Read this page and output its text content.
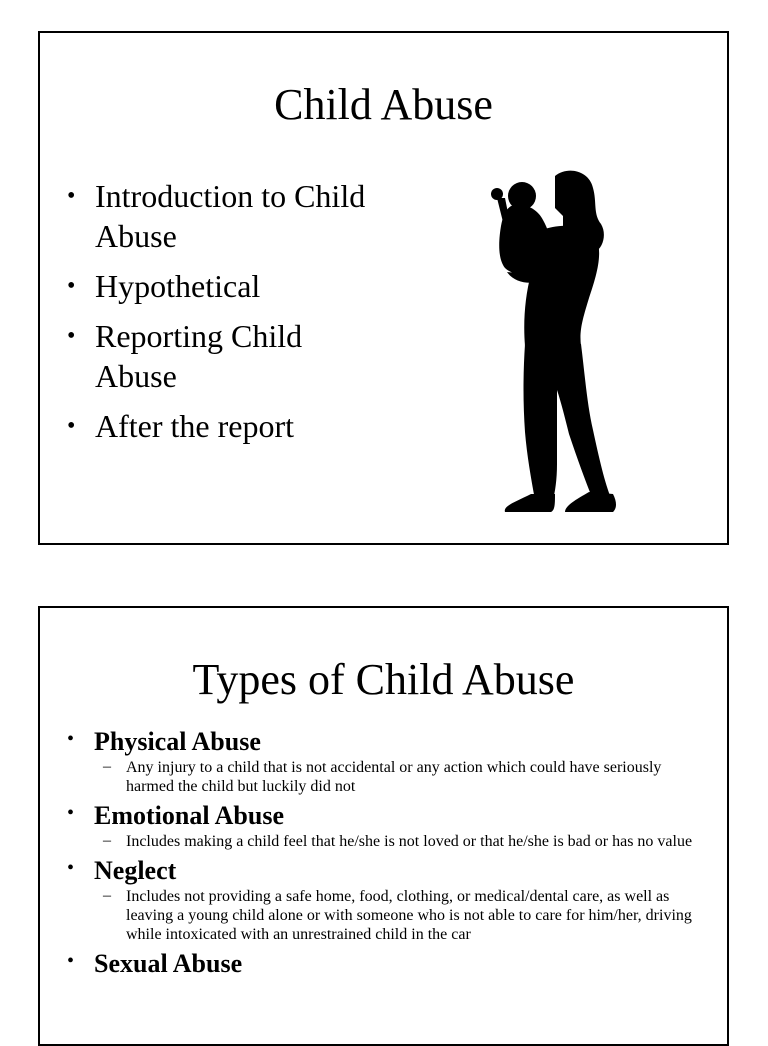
Child Abuse
• Introduction to Child Abuse
• Hypothetical
• Reporting Child Abuse
• After the report
Types of Child Abuse
• Physical Abuse
– Any injury to a child that is not accidental or any action which could have seriously harmed the child but luckily did not
• Emotional Abuse
– Includes making a child feel that he/she is not loved or that he/she is bad or has no value
• Neglect
– Includes not providing a safe home, food, clothing, or medical/dental care, as well as leaving a young child alone or with someone who is not able to care for him/her, driving while intoxicated with an unrestrained child in the car
• Sexual Abuse
